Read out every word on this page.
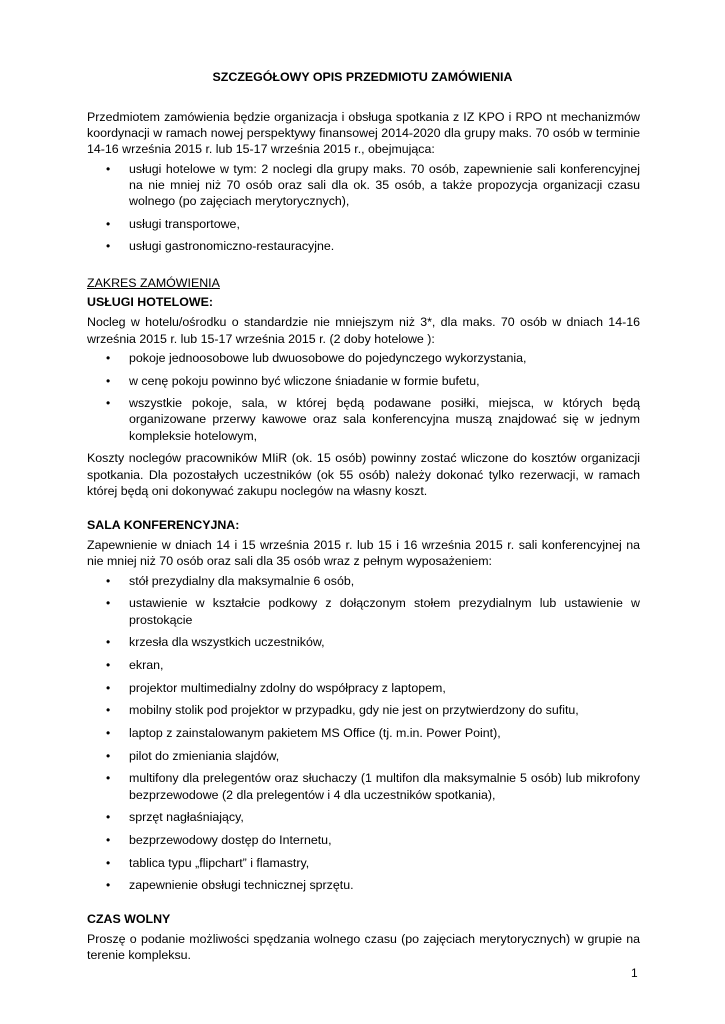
SZCZEGÓŁOWY OPIS PRZEDMIOTU ZAMÓWIENIA

Przedmiotem zamówienia będzie organizacja i obsługa spotkania z IZ KPO i RPO nt mechanizmów koordynacji w ramach nowej perspektywy finansowej 2014-2020 dla grupy maks. 70 osób w terminie 14-16 września 2015 r. lub 15-17 września 2015 r., obejmująca:

• usługi hotelowe w tym: 2 noclegi dla grupy maks. 70 osób, zapewnienie sali konferencyjnej na nie mniej niż 70 osób oraz sali dla ok. 35 osób, a także propozycja organizacji czasu wolnego (po zajęciach merytorycznych),
• usługi transportowe,
• usługi gastronomiczno-restauracyjne.

ZAKRES ZAMÓWIENIA

USŁUGI HOTELOWE:

Nocleg w hotelu/ośrodku o standardzie nie mniejszym niż 3*, dla maks. 70 osób w dniach 14-16 września 2015 r. lub 15-17 września 2015 r. (2 doby hotelowe ):

• pokoje jednoosobowe lub dwuosobowe do pojedynczego wykorzystania,
• w cenę pokoju powinno być wliczone śniadanie w formie bufetu,
• wszystkie pokoje, sala, w której będą podawane posiłki, miejsca, w których będą organizowane przerwy kawowe oraz sala konferencyjna muszą znajdować się w jednym kompleksie hotelowym,

Koszty noclegów pracowników MIiR (ok. 15 osób) powinny zostać wliczone do kosztów organizacji spotkania. Dla pozostałych uczestników (ok 55 osób) należy dokonać tylko rezerwacji, w ramach której będą oni dokonywać zakupu noclegów na własny koszt.

SALA KONFERENCYJNA:

Zapewnienie w dniach 14 i 15 września 2015 r. lub 15 i 16 września 2015 r. sali konferencyjnej na nie mniej niż 70 osób oraz sali dla 35 osób wraz z pełnym wyposażeniem:

• stół prezydialny dla maksymalnie 6 osób,
• ustawienie w kształcie podkowy z dołączonym stołem prezydialnym lub ustawienie w prostokącie
• krzesła dla wszystkich uczestników,
• ekran,
• projektor multimedialny zdolny do współpracy z laptopem,
• mobilny stolik pod projektor w przypadku, gdy nie jest on przytwierdzony do sufitu,
• laptop z zainstalowanym pakietem MS Office (tj. m.in. Power Point),
• pilot do zmieniania slajdów,
• multifony dla prelegentów oraz słuchaczy (1 multifon dla maksymalnie 5 osób) lub mikrofony bezprzewodowe (2 dla prelegentów i 4 dla uczestników spotkania),
• sprzęt nagłaśniający,
• bezprzewodowy dostęp do Internetu,
• tablica typu „flipchart” i flamastry,
• zapewnienie obsługi technicznej sprzętu.

CZAS WOLNY

Proszę o podanie możliwości spędzania wolnego czasu (po zajęciach merytorycznych) w grupie na terenie kompleksu.

1
